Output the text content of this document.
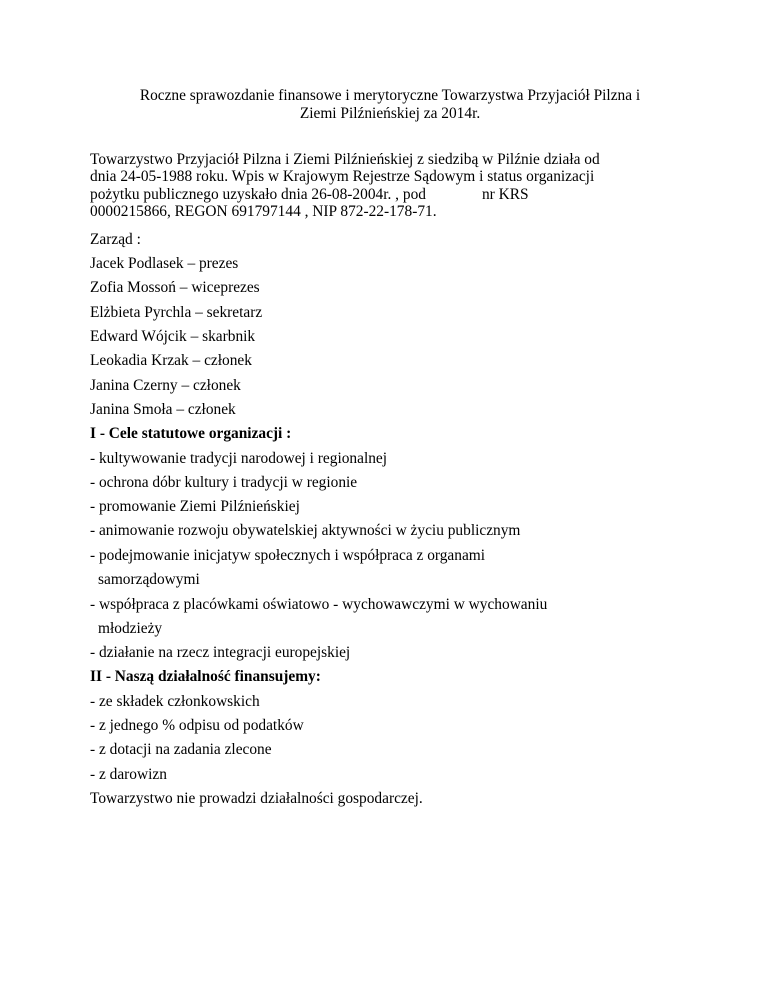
Roczne sprawozdanie finansowe i merytoryczne Towarzystwa Przyjaciół Pilzna i
Ziemi Pilźnieńskiej za 2014r.
Towarzystwo Przyjaciół Pilzna i Ziemi Pilźnieńskiej z siedzibą w Pilźnie działa od
dnia 24-05-1988 roku. Wpis w Krajowym Rejestrze Sądowym i status organizacji
pożytku publicznego uzyskało dnia 26-08-2004r. , pod	nr KRS
0000215866, REGON 691797144 , NIP 872-22-178-71.
Zarząd :
Jacek Podlasek – prezes
Zofia Mossoń – wiceprezes
Elżbieta Pyrchla – sekretarz
Edward Wójcik – skarbnik
Leokadia Krzak – członek
Janina Czerny – członek
Janina Smoła – członek
I - Cele statutowe organizacji :
- kultywowanie tradycji narodowej i regionalnej
- ochrona dóbr kultury i tradycji w regionie
- promowanie Ziemi Pilźnieńskiej
- animowanie rozwoju obywatelskiej aktywności w życiu publicznym
- podejmowanie inicjatyw społecznych i współpraca z organami
samorządowymi
- współpraca z placówkami oświatowo - wychowawczymi w wychowaniu
młodzieży
- działanie na rzecz integracji europejskiej
II - Naszą działalność finansujemy:
- ze składek członkowskich
- z jednego % odpisu od podatków
- z dotacji na zadania zlecone
- z darowizn
Towarzystwo nie prowadzi działalności gospodarczej.
